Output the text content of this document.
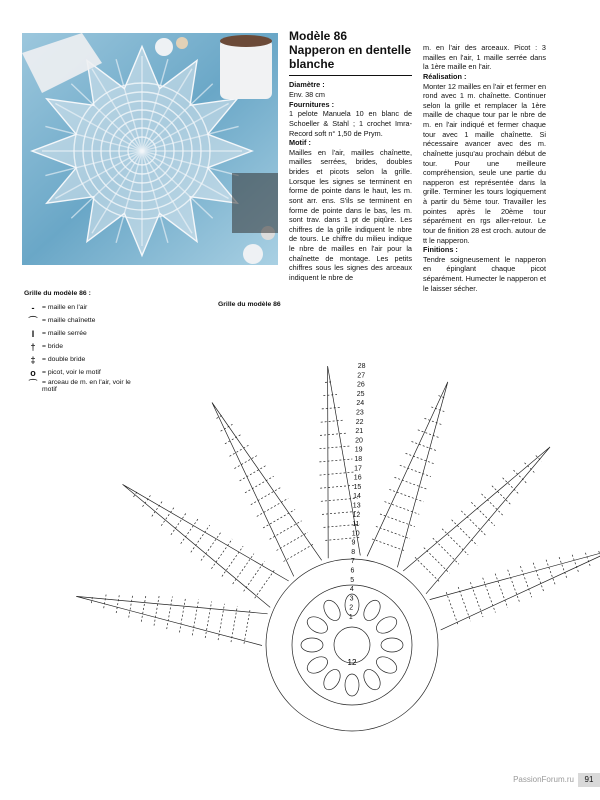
Modèle 86

Napperon en dentelle blanche

Diamètre :
Env. 38 cm
Fournitures :
1 pelote Manuela 10 en blanc de Schoeller & Stahl ; 1 crochet Imra-Record soft n° 1,50 de Prym.
Motif :
Mailles en l'air, mailles chaînette, mailles serrées, brides, doubles brides et picots selon la grille. Lorsque les signes se terminent en forme de pointe dans le haut, les m. sont arr. ens. S'ils se terminent en forme de pointe dans le bas, les m. sont trav. dans 1 pt de piqûre. Les chiffres de la grille indiquent le nbre de tours. Le chiffre du milieu indique le nbre de mailles en l'air pour la chaînette de montage. Les petits chiffres sous les signes des arceaux indiquent le nbre de
m. en l'air des arceaux. Picot : 3 mailles en l'air, 1 maille serrée dans la 1ère maille en l'air.
Réalisation :
Monter 12 mailles en l'air et fermer en rond avec 1 m. chaînette. Continuer selon la grille et remplacer la 1ère maille de chaque tour par le nbre de m. en l'air indiqué et fermer chaque tour avec 1 maille chaînette. Si nécessaire avancer avec des m. chaînette jusqu'au prochain début de tour. Pour une meilleure compréhension, seule une partie du napperon est représentée dans la grille. Terminer les tours logiquement à partir du 5ème tour. Travailler les pointes après le 20ème tour séparément en rgs aller-retour. Le tour de finition 28 est croch. autour de tt le napperon.
Finitions :
Tendre soigneusement le napperon en épinglant chaque picot séparément. Humecter le napperon et le laisser sécher.
Grille du modèle 86 :
-	= maille en l'air
⌒ = maille chaînette
I	= maille serrée
† = bride
‡ = double bride
o = picot, voir le motif
⁀ = arceau de m. en l'air, voir le motif
Grille du modèle 86
1
2
3
4
5
6
7
8
9
10
11
12
13
14
15
16
17
18
19
20
21
22
23
24
25
26
27
28
12
PassionForum.ru	91
